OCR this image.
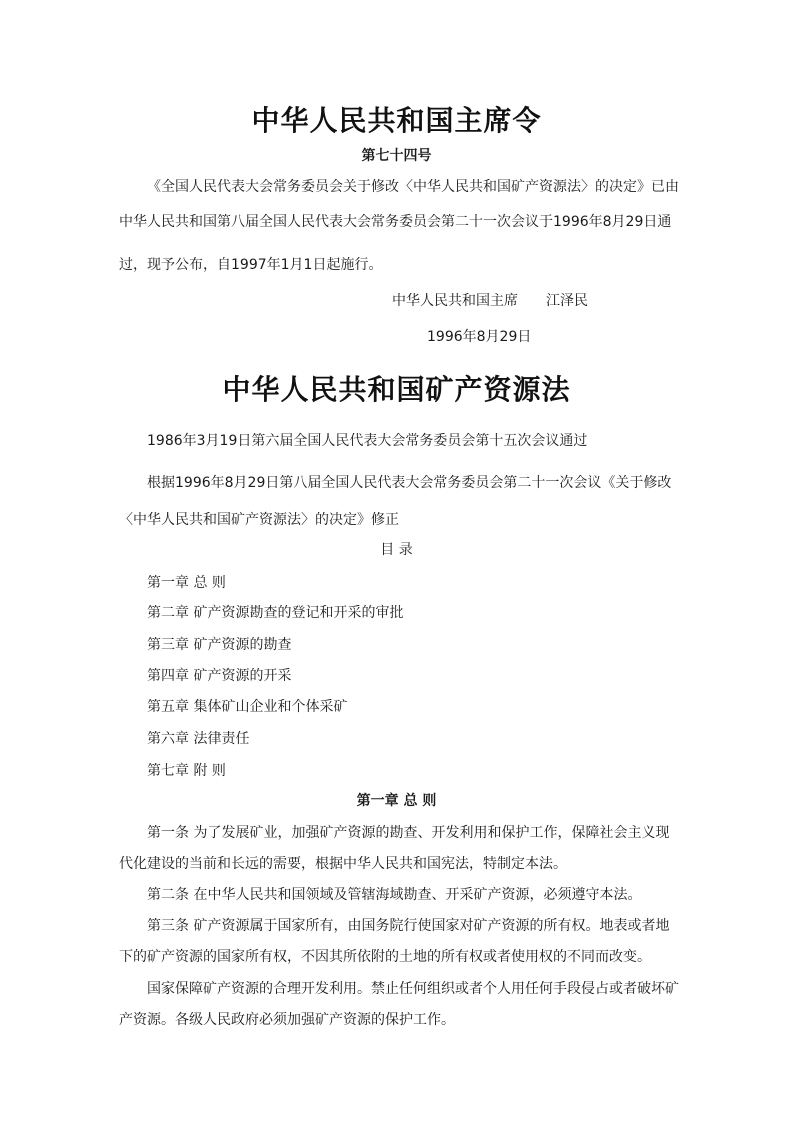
中华人民共和国主席令
第七十四号
《全国人民代表大会常务委员会关于修改〈中华人民共和国矿产资源法〉的决定》已由
中华人民共和国第八届全国人民代表大会常务委员会第二十一次会议于1996年8月29日通
过，现予公布，自1997年1月1日起施行。
中华人民共和国主席　　江泽民
1996年8月29日
中华人民共和国矿产资源法
1986年3月19日第六届全国人民代表大会常务委员会第十五次会议通过
根据1996年8月29日第八届全国人民代表大会常务委员会第二十一次会议《关于修改
〈中华人民共和国矿产资源法〉的决定》修正
目 录
第一章 总 则
第二章 矿产资源勘查的登记和开采的审批
第三章 矿产资源的勘查
第四章 矿产资源的开采
第五章 集体矿山企业和个体采矿
第六章 法律责任
第七章 附 则
第一章 总 则
第一条 为了发展矿业，加强矿产资源的勘查、开发利用和保护工作，保障社会主义现
代化建设的当前和长远的需要，根据中华人民共和国宪法，特制定本法。
第二条 在中华人民共和国领域及管辖海域勘查、开采矿产资源，必须遵守本法。
第三条 矿产资源属于国家所有，由国务院行使国家对矿产资源的所有权。地表或者地
下的矿产资源的国家所有权，不因其所依附的土地的所有权或者使用权的不同而改变。
国家保障矿产资源的合理开发利用。禁止任何组织或者个人用任何手段侵占或者破坏矿
产资源。各级人民政府必须加强矿产资源的保护工作。
